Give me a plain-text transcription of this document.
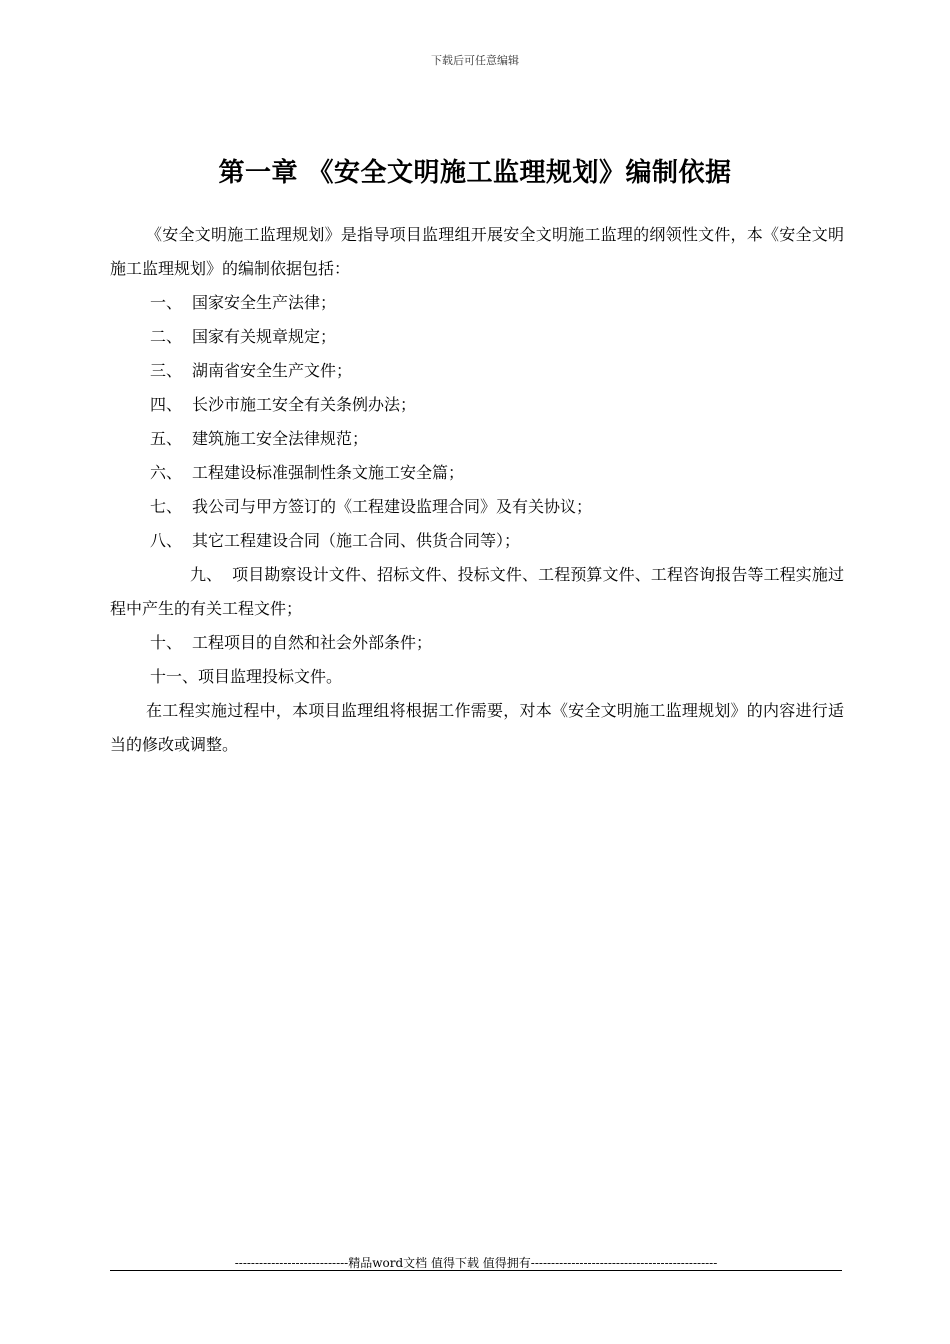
下载后可任意编辑
第一章 《安全文明施工监理规划》编制依据

《安全文明施工监理规划》是指导项目监理组开展安全文明施工监理的纲领性文件，本《安全文明施工监理规划》的编制依据包括：

一、 国家安全生产法律；

二、 国家有关规章规定；

三、 湖南省安全生产文件；

四、 长沙市施工安全有关条例办法；

五、 建筑施工安全法律规范；

六、 工程建设标准强制性条文施工安全篇；

七、 我公司与甲方签订的《工程建设监理合同》及有关协议；

八、 其它工程建设合同（施工合同、供货合同等）；

九、 项目勘察设计文件、招标文件、投标文件、工程预算文件、工程咨询报告等工程实施过程中产生的有关工程文件；

十、 工程项目的自然和社会外部条件；

十一、项目监理投标文件。

在工程实施过程中，本项目监理组将根据工作需要，对本《安全文明施工监理规划》的内容进行适当的修改或调整。

----------------------------精品word文档 值得下载 值得拥有----------------------------------------------
